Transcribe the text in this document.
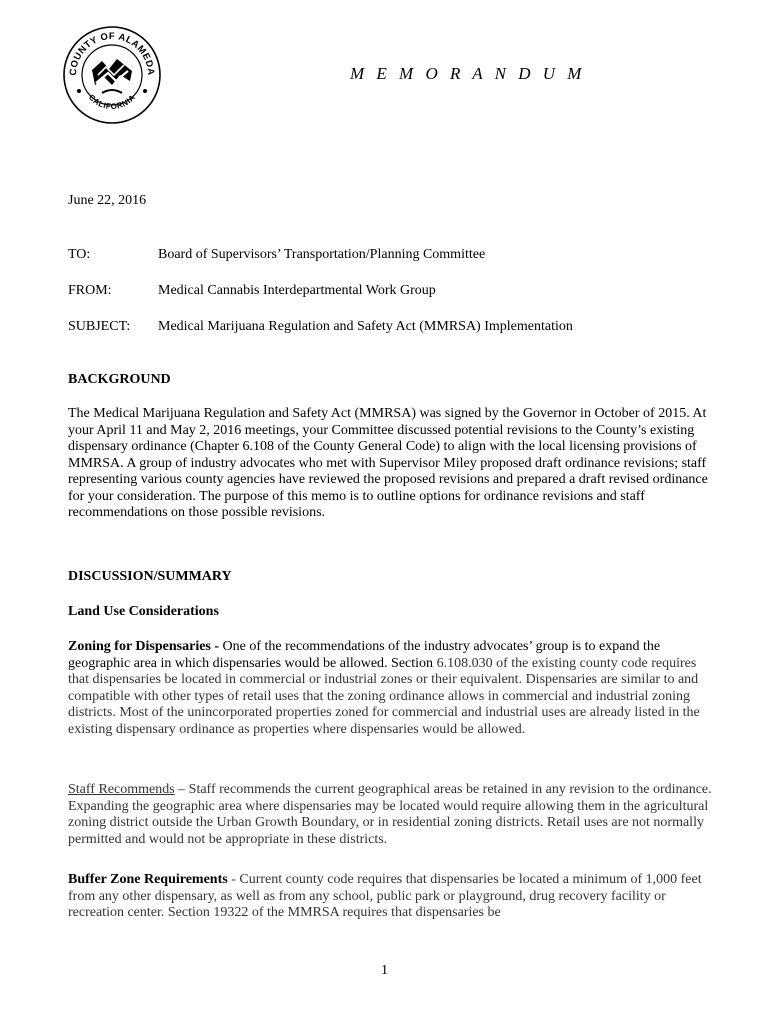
COUNTY OF ALAMEDA
CALIFORNIA
M E M O R A N D U M
June 22, 2016
TO:	Board of Supervisors’ Transportation/Planning Committee
FROM:	Medical Cannabis Interdepartmental Work Group
SUBJECT: Medical Marijuana Regulation and Safety Act (MMRSA) Implementation
BACKGROUND
The Medical Marijuana Regulation and Safety Act (MMRSA) was signed by the Governor in October of 2015. At your April 11 and May 2, 2016 meetings, your Committee discussed potential revisions to the County’s existing dispensary ordinance (Chapter 6.108 of the County General Code) to align with the local licensing provisions of MMRSA. A group of industry advocates who met with Supervisor Miley proposed draft ordinance revisions; staff representing various county agencies have reviewed the proposed revisions and prepared a draft revised ordinance for your consideration. The purpose of this memo is to outline options for ordinance revisions and staff recommendations on those possible revisions.
DISCUSSION/SUMMARY
Land Use Considerations
Zoning for Dispensaries - One of the recommendations of the industry advocates’ group is to expand the geographic area in which dispensaries would be allowed. Section 6.108.030 of the existing county code requires that dispensaries be located in commercial or industrial zones or their equivalent. Dispensaries are similar to and compatible with other types of retail uses that the zoning ordinance allows in commercial and industrial zoning districts. Most of the unincorporated properties zoned for commercial and industrial uses are already listed in the existing dispensary ordinance as properties where dispensaries would be allowed.
Staff Recommends – Staff recommends the current geographical areas be retained in any revision to the ordinance. Expanding the geographic area where dispensaries may be located would require allowing them in the agricultural zoning district outside the Urban Growth Boundary, or in residential zoning districts. Retail uses are not normally permitted and would not be appropriate in these districts.
Buffer Zone Requirements - Current county code requires that dispensaries be located a minimum of 1,000 feet from any other dispensary, as well as from any school, public park or playground, drug recovery facility or recreation center. Section 19322 of the MMRSA requires that dispensaries be
1
